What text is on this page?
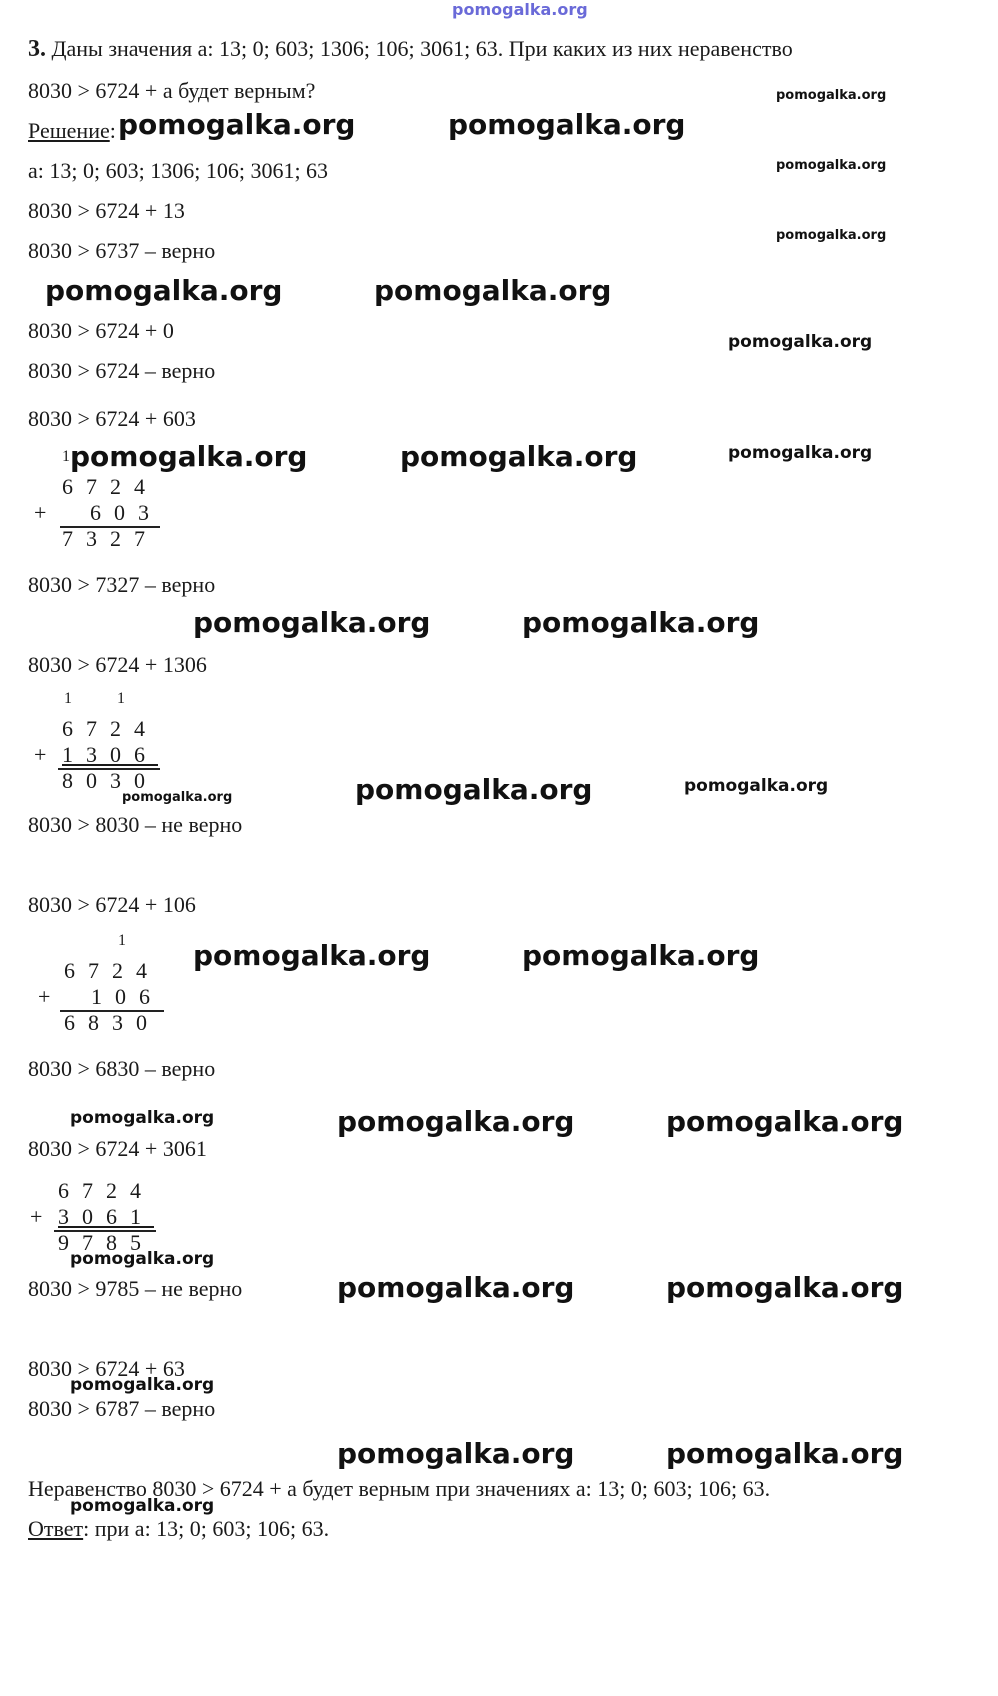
pomogalka.org
3. Даны значения а: 13; 0; 603; 1306; 106; 3061; 63. При каких из них неравенство
8030 > 6724 + а будет верным?
Решение:
а: 13; 0; 603; 1306; 106; 3061; 63
8030 > 6724 + 13
8030 > 6737 – верно
8030 > 6724 + 0
8030 > 6724 – верно
8030 > 6724 + 603
1
6724
+ 603
7327
8030 > 7327 – верно
8030 > 6724 + 1306
1	1
6724
+ 1306
8030
8030 > 8030 – не верно
8030 > 6724 + 106
1
6724
+ 106
6830
8030 > 6830 – верно
8030 > 6724 + 3061
6724
+ 3061
9785
8030 > 9785 – не верно
8030 > 6724 + 63
8030 > 6787 – верно
Неравенство 8030 > 6724 + а будет верным при значениях а: 13; 0; 603; 106; 63.
Ответ: при а: 13; 0; 603; 106; 63.
pomogalka.org	pomogalka.org
pomogalka.org
pomogalka.org
pomogalka.org
pomogalka.org	pomogalka.org
pomogalka.org
pomogalka.org	pomogalka.org	pomogalka.org
pomogalka.org	pomogalka.org
pomogalka.org	pomogalka.org
pomogalka.org
pomogalka.org	pomogalka.org
pomogalka.org	pomogalka.org	pomogalka.org
pomogalka.org
pomogalka.org	pomogalka.org
pomogalka.org
pomogalka.org	pomogalka.org
pomogalka.org
